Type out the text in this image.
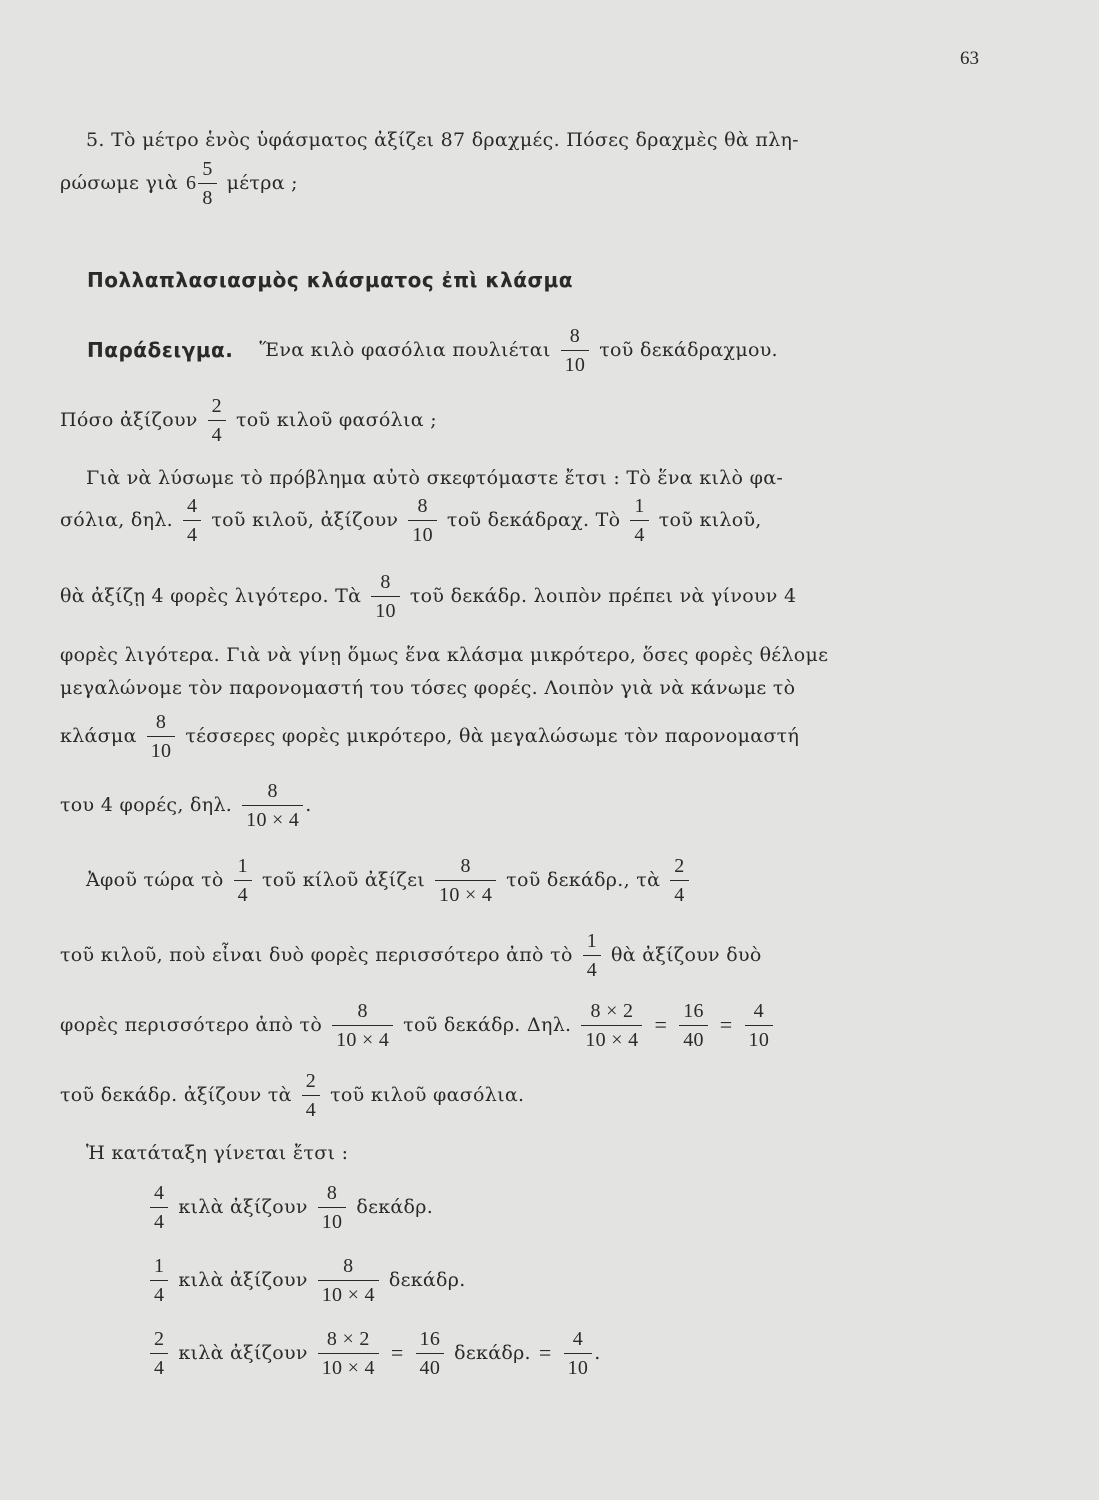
63
5. Τὸ μέτρο ἑνὸς ὑφάσματος ἀξίζει 87 δραχμές. Πόσες δραχμὲς θὰ πλη-
ρώσωμε γιὰ $6 \frac{5}{8}$ μέτρα ;
Πολλαπλασιασμὸς κλάσματος ἐπὶ κλάσμα
Παράδειγμα. Ἕνα κιλὸ φασόλια πουλιέται $\frac{8}{10}$ τοῦ δεκάδραχμου.
Πόσο ἀξίζουν $\frac{2}{4}$ τοῦ κιλοῦ φασόλια ;
Γιὰ νὰ λύσωμε τὸ πρόβλημα αὐτὸ σκεφτόμαστε ἔτσι : Τὸ ἕνα κιλὸ φα-
σόλια, δηλ. $\frac{4}{4}$ τοῦ κιλοῦ, ἀξίζουν $\frac{8}{10}$ τοῦ δεκάδραχ. Τὸ $\frac{1}{4}$ τοῦ κιλοῦ,
θὰ ἀξίζῃ 4 φορὲς λιγότερο. Τὰ $\frac{8}{10}$ τοῦ δεκάδρ. λοιπὸν πρέπει νὰ γίνουν 4
φορὲς λιγότερα. Γιὰ νὰ γίνῃ ὅμως ἕνα κλάσμα μικρότερο, ὅσες φορὲς θέλομε
μεγαλώνομε τὸν παρονομαστή του τόσες φορές. Λοιπὸν γιὰ νὰ κάνωμε τὸ
κλάσμα $\frac{8}{10}$ τέσσερες φορὲς μικρότερο, θὰ μεγαλώσωμε τὸν παρονομαστή
του 4 φορές, δηλ. $\frac{8}{10 \times 4}$ .
Ἀφοῦ τώρα τὸ $\frac{1}{4}$ τοῦ κίλοῦ ἀξίζει $\frac{8}{10 \times 4}$ τοῦ δεκάδρ., τὰ $\frac{2}{4}$
τοῦ κιλοῦ, ποὺ εἶναι δυὸ φορὲς περισσότερο ἀπὸ τὸ $\frac{1}{4}$ θὰ ἀξίζουν δυὸ
φορὲς περισσότερο ἀπὸ τὸ $\frac{8}{10 \times 4}$ τοῦ δεκάδρ. Δηλ. $\frac{8 \times 2}{10 \times 4} = \frac{16}{40} = \frac{4}{10}$
τοῦ δεκάδρ. ἀξίζουν τὰ $\frac{2}{4}$ τοῦ κιλοῦ φασόλια.
Ἡ κατάταξη γίνεται ἔτσι :
$\frac{4}{4}$ κιλὰ ἀξίζουν $\frac{8}{10} \delta\varepsilon\kappa ά\delta\rho$.
$\frac{1}{4}$ κιλὰ ἀξίζουν $\frac{8}{10 \times 4} \delta\varepsilon\kappa ά\delta\rho$.
$\frac{2}{4}$ κιλὰ ἀξίζουν $\frac{8 \times 2}{10 \times 4} = \frac{16}{40} \delta\varepsilon\kappa ά\delta\rho$. = $\frac{4}{10}$ .
